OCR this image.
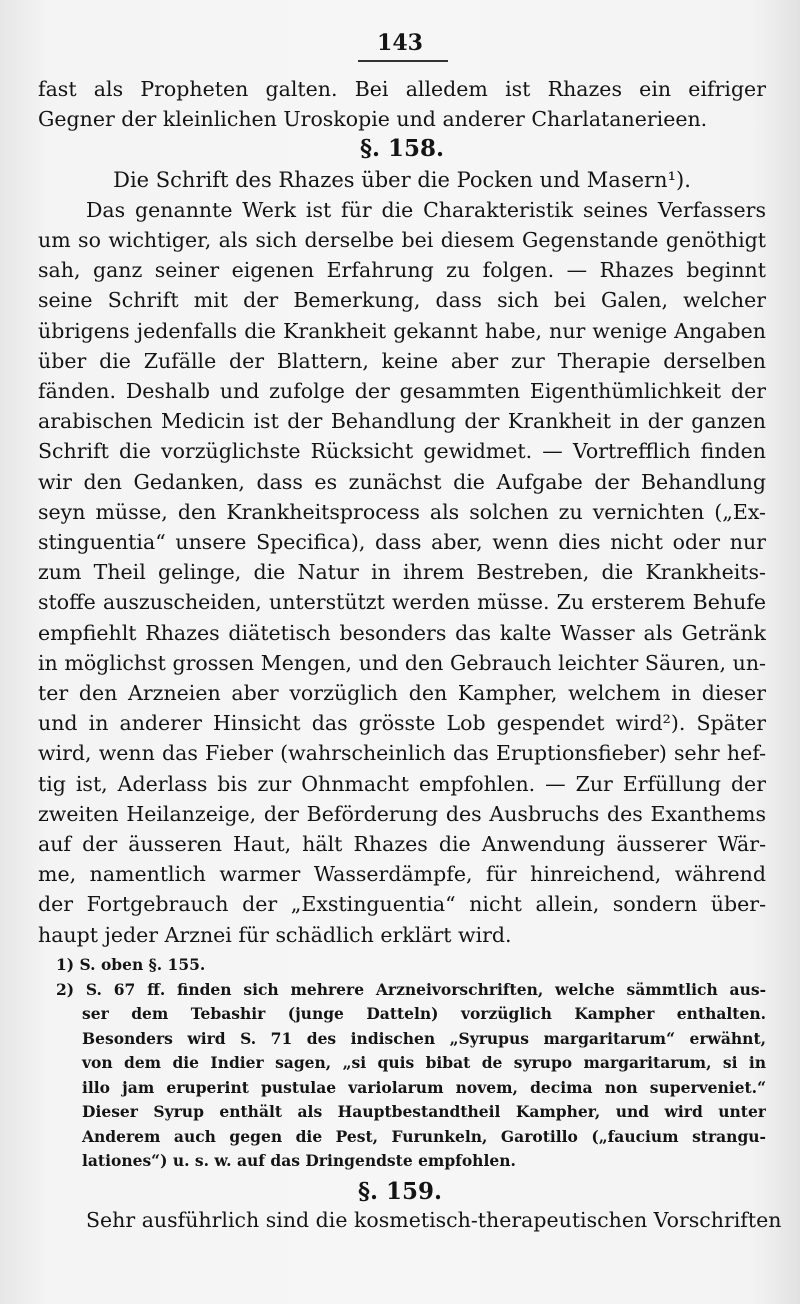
143
fast als Propheten galten. Bei alledem ist Rhazes ein eifriger
Gegner der kleinlichen Uroskopie und anderer Charlatanerieen.
§. 158.
Die Schrift des Rhazes über die Pocken und Masern¹).
Das genannte Werk ist für die Charakteristik seines Verfassers
um so wichtiger, als sich derselbe bei diesem Gegenstande genöthigt
sah, ganz seiner eigenen Erfahrung zu folgen. — Rhazes beginnt
seine Schrift mit der Bemerkung, dass sich bei Galen, welcher
übrigens jedenfalls die Krankheit gekannt habe, nur wenige Angaben
über die Zufälle der Blattern, keine aber zur Therapie derselben
fänden. Deshalb und zufolge der gesammten Eigenthümlichkeit der
arabischen Medicin ist der Behandlung der Krankheit in der ganzen
Schrift die vorzüglichste Rücksicht gewidmet. — Vortrefflich finden
wir den Gedanken, dass es zunächst die Aufgabe der Behandlung
seyn müsse, den Krankheitsprocess als solchen zu vernichten („Ex-
stinguentia“ unsere Specifica), dass aber, wenn dies nicht oder nur
zum Theil gelinge, die Natur in ihrem Bestreben, die Krankheits-
stoffe auszuscheiden, unterstützt werden müsse. Zu ersterem Behufe
empfiehlt Rhazes diätetisch besonders das kalte Wasser als Getränk
in möglichst grossen Mengen, und den Gebrauch leichter Säuren, un-
ter den Arzneien aber vorzüglich den Kampher, welchem in dieser
und in anderer Hinsicht das grösste Lob gespendet wird²). Später
wird, wenn das Fieber (wahrscheinlich das Eruptionsfieber) sehr hef-
tig ist, Aderlass bis zur Ohnmacht empfohlen. — Zur Erfüllung der
zweiten Heilanzeige, der Beförderung des Ausbruchs des Exanthems
auf der äusseren Haut, hält Rhazes die Anwendung äusserer Wär-
me, namentlich warmer Wasserdämpfe, für hinreichend, während
der Fortgebrauch der „Exstinguentia“ nicht allein, sondern über-
haupt jeder Arznei für schädlich erklärt wird.
1) S. oben §. 155.
2) S. 67 ff. finden sich mehrere Arzneivorschriften, welche sämmtlich aus-
ser dem Tebashir (junge Datteln) vorzüglich Kampher enthalten.
Besonders wird S. 71 des indischen „Syrupus margaritarum“ erwähnt,
von dem die Indier sagen, „si quis bibat de syrupo margaritarum, si in
illo jam eruperint pustulae variolarum novem, decima non superveniet.“
Dieser Syrup enthält als Hauptbestandtheil Kampher, und wird unter
Anderem auch gegen die Pest, Furunkeln, Garotillo („faucium strangu-
lationes“) u. s. w. auf das Dringendste empfohlen.
§. 159.
Sehr ausführlich sind die kosmetisch-therapeutischen Vorschriften
